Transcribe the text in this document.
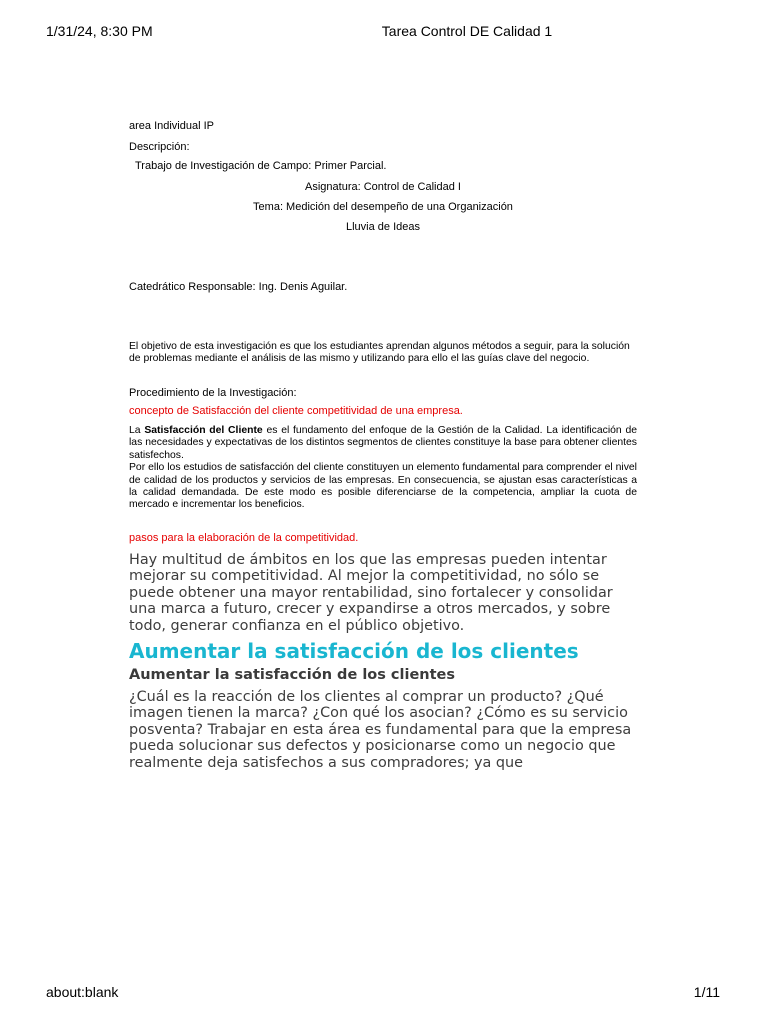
1/31/24, 8:30 PM	Tarea Control DE Calidad 1
area Individual IP
Descripción:
Trabajo de Investigación de Campo: Primer Parcial.
Asignatura: Control de Calidad I
Tema: Medición del desempeño de una Organización
Lluvia de Ideas
Catedrático Responsable: Ing. Denis Aguilar.
El objetivo de esta investigación es que los estudiantes aprendan algunos métodos a seguir, para la solución de problemas mediante el análisis de las mismo y utilizando para ello el las guías clave del negocio.
Procedimiento de la Investigación:
concepto de Satisfacción del cliente competitividad de una empresa.
La Satisfacción del Cliente es el fundamento del enfoque de la Gestión de la Calidad. La identificación de las necesidades y expectativas de los distintos segmentos de clientes constituye la base para obtener clientes satisfechos.
Por ello los estudios de satisfacción del cliente constituyen un elemento fundamental para comprender el nivel de calidad de los productos y servicios de las empresas. En consecuencia, se ajustan esas características a la calidad demandada. De este modo es posible diferenciarse de la competencia, ampliar la cuota de mercado e incrementar los beneficios.
pasos para la elaboración de la competitividad.
Hay multitud de ámbitos en los que las empresas pueden intentar mejorar su competitividad. Al mejor la competitividad, no sólo se puede obtener una mayor rentabilidad, sino fortalecer y consolidar una marca a futuro, crecer y expandirse a otros mercados, y sobre todo, generar confianza en el público objetivo.
Aumentar la satisfacción de los clientes
Aumentar la satisfacción de los clientes
¿Cuál es la reacción de los clientes al comprar un producto? ¿Qué imagen tienen la marca? ¿Con qué los asocian? ¿Cómo es su servicio posventa? Trabajar en esta área es fundamental para que la empresa pueda solucionar sus defectos y posicionarse como un negocio que realmente deja satisfechos a sus compradores; ya que
about:blank	1/11
